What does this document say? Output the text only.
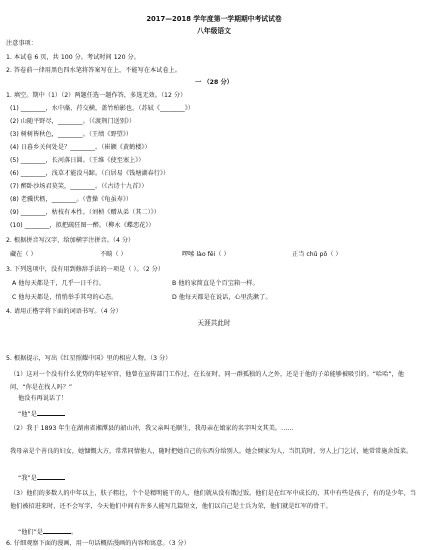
2017—2018 学年度第一学期期中考试试卷
八年级语文
注意事项：
1. 本试卷 6 页，共 100 分。考试时间 120 分。
2. 答卷前一律用黑色四水笔将答案写在上，不能写在本试卷上。
一 （28 分）
1. 填空。期中（1）（2）两题任选一题作答，多选无效。（12 分）
(1) ________，水中藻、荇交横，盖竹柏影也。（苏轼《________》）
(2) 山随平野尽，________。（《渡荆门送别》）
(3) 树树皆秋色，________。（王绩《野望》）
(4) 日暮乡关何处是？________。（崔颢《黄鹤楼》）
(5) ________，长河落日圆。（王维《使至塞上》）
(6) ________，浅草才能没马蹄。（白居易《钱塘湖春行》）
(7) 醉卧沙场君莫笑，________。（《古诗十九首》）
(8) 老骥伏枥，________。（曹操《龟虽寿》）
(9) ________，枯枝有本性。（刘桢《赠从弟（其二）》）
(10) ________，拟把疏狂图一醉。（柳永《蝶恋花》）
2. 根据拼音写汉字，给加横字注拼音。（4 分）
藏在（ ）	不畸（ ）	啰嗦 lào fēi（ ）	正当 chǔ pō（ ）
3. 下列选项中，没有用到修辞手法的一项是（ ）。（2 分）
A 他每天都是干，几乎一日千行。	B 他的家简直是个百宝箱一样。
C 他每天都是，悄悄举手其弯的心态。	D 他每天都是在说话，心里洗漱了。
4. 请用正楷字将下面的词语书写。（4 分）
天涯共此时
5. 根据提示，写出《红星照耀中国》里的相应人物。（3 分）
（1）这对一个没有什么优势的年轻军官，他曾在宣传部门工作过，在长征时，同一群孤独的人之外，还是于他的子弟能够被吸引的。“哈哈”，他问，“你是在找人吗？”
他没有再说话了！
“他”是
（2）我于 1893 年生在湖南省湘潭县的韶山冲，我父亲叫毛顺生，我母亲在娘家的名字叫文其美。……
我母亲是个善良的妇女，她慷慨大方，常常同情他人，随时把她自己的东西分给别人。她会倾家为人，当饥荒时，穷人上门乞讨，她常常施舍饭菜。
“我”是
（3）他们的多数人的中年以上，肤子粗壮，个个是精明能干的人，他们就从没有饿过饭。他们是在红军中成长的，其中有些是孩子，有的是少年，当他们被招进来时，还不会写字，今天他们中间有许多人能写几篇短文，他们以自己是士兵为荣，他们就是红军的骨干。
“他们”是	。
6. 仔细观察下面的漫画，用一句话概括漫画的内容和寓意。（3 分）
